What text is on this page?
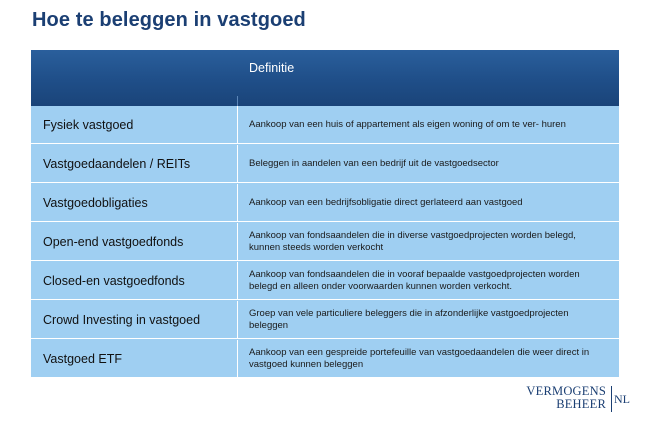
Hoe te beleggen in vastgoed
Definitie
Fysiek vastgoed	Aankoop van een huis of appartement als eigen woning of om te ver- huren
Vastgoedaandelen / REITs	Beleggen in aandelen van een bedrijf uit de vastgoedsector
Vastgoedobligaties	Aankoop van een bedrijfsobligatie direct gerlateerd aan vastgoed
Open-end vastgoedfonds	Aankoop van fondsaandelen die in diverse vastgoedprojecten worden belegd, kunnen steeds worden verkocht
Closed-en vastgoedfonds	Aankoop van fondsaandelen die in vooraf bepaalde vastgoedprojecten worden belegd en alleen onder voorwaarden kunnen worden verkocht.
Crowd Investing in vastgoed	Groep van vele particuliere beleggers die in afzonderlijke vastgoedprojecten beleggen
Vastgoed ETF	Aankoop van een gespreide portefeuille van vastgoedaandelen die weer direct in vastgoed kunnen beleggen
VERMOGENS
BEHEER NL
